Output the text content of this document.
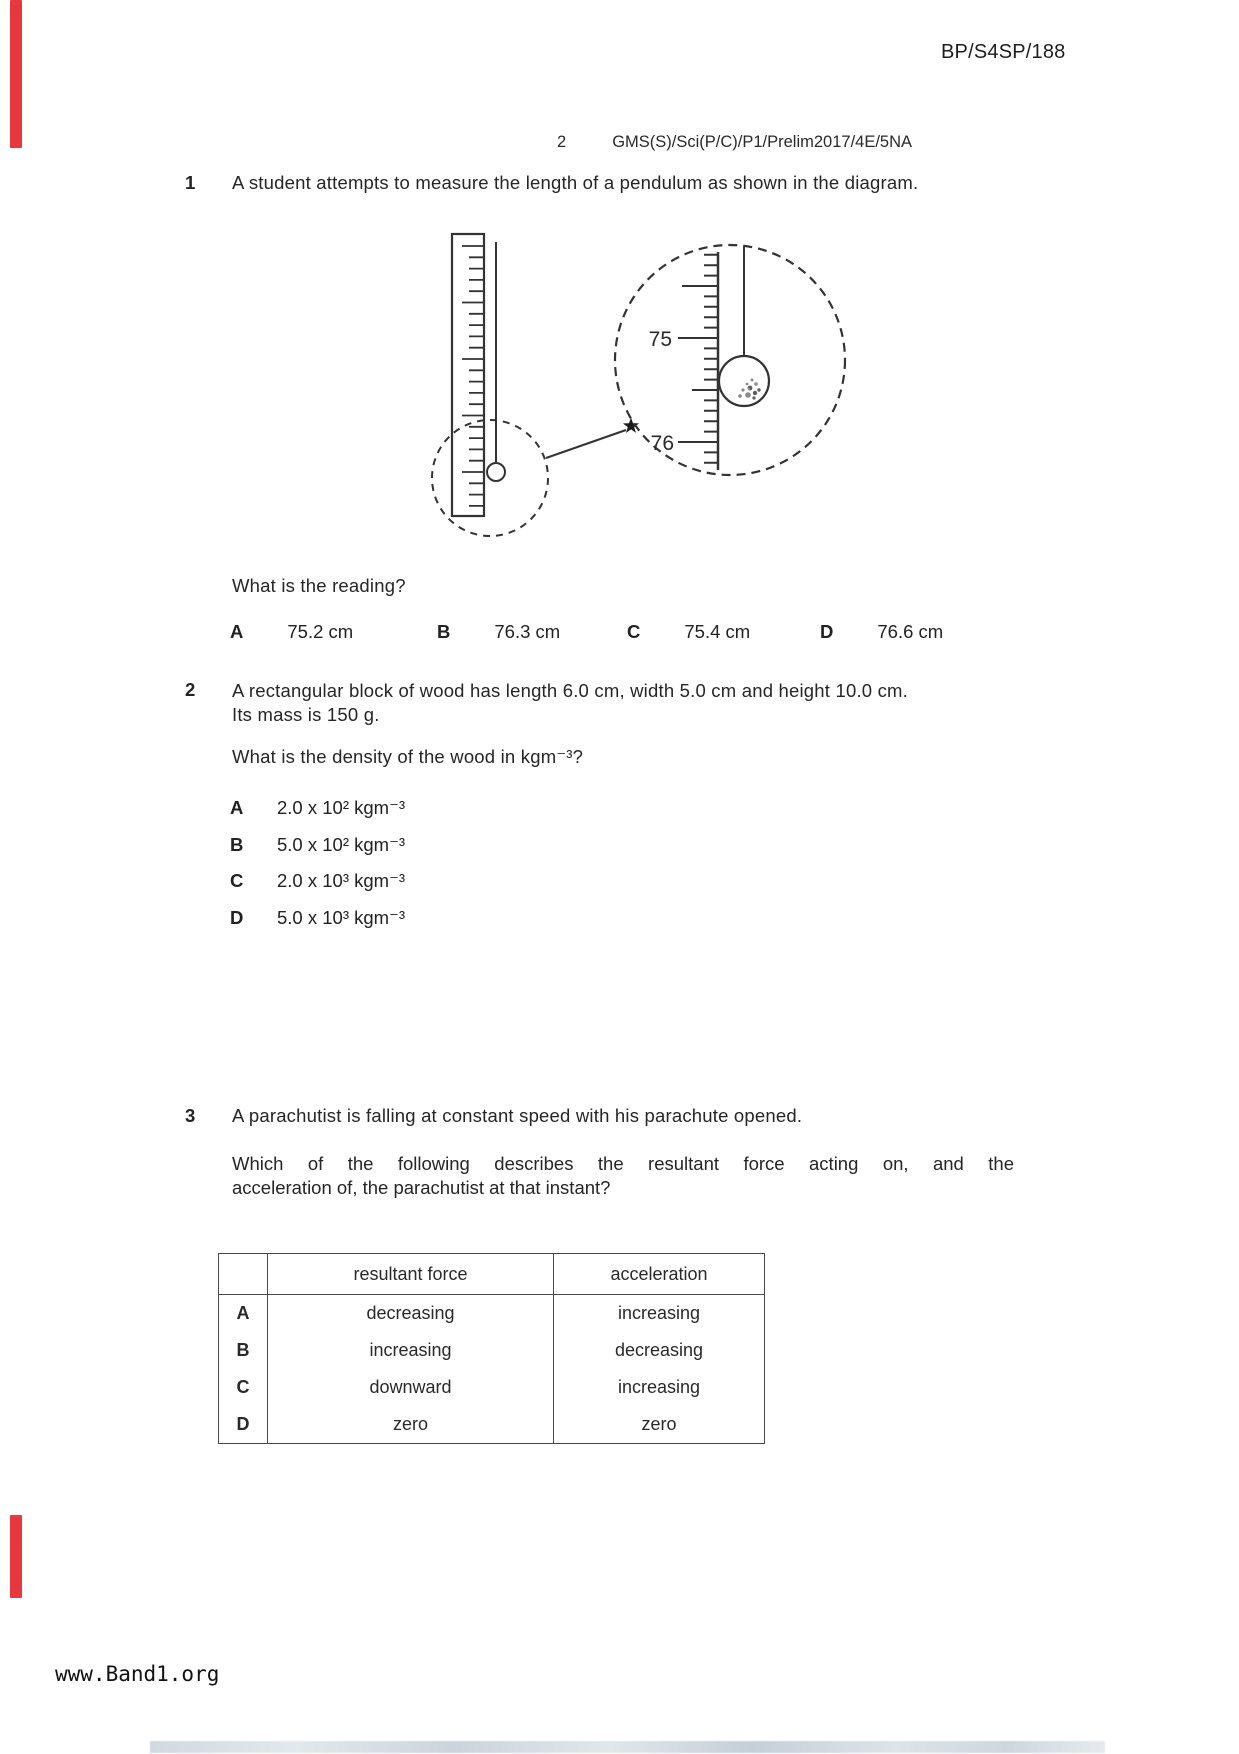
BP/S4SP/188
2	GMS(S)/Sci(P/C)/P1/Prelim2017/4E/5NA
1 A student attempts to measure the length of a pendulum as shown in the diagram.
75
76
What is the reading?
A 75.2 cm	B 76.3 cm	C 75.4 cm	D 76.6 cm
2 A rectangular block of wood has length 6.0 cm, width 5.0 cm and height 10.0 cm.
Its mass is 150 g.
What is the density of the wood in kgm⁻³?
A	2.0 x 10² kgm⁻³
B	5.0 x 10² kgm⁻³
C	2.0 x 10³ kgm⁻³
D	5.0 x 10³ kgm⁻³
3 A parachutist is falling at constant speed with his parachute opened.
Which of the following describes the resultant force acting on, and the
acceleration of, the parachutist at that instant?
	resultant force	acceleration
A	decreasing	increasing
B	increasing	decreasing
C	downward	increasing
D	zero	zero
www.Band1.org
